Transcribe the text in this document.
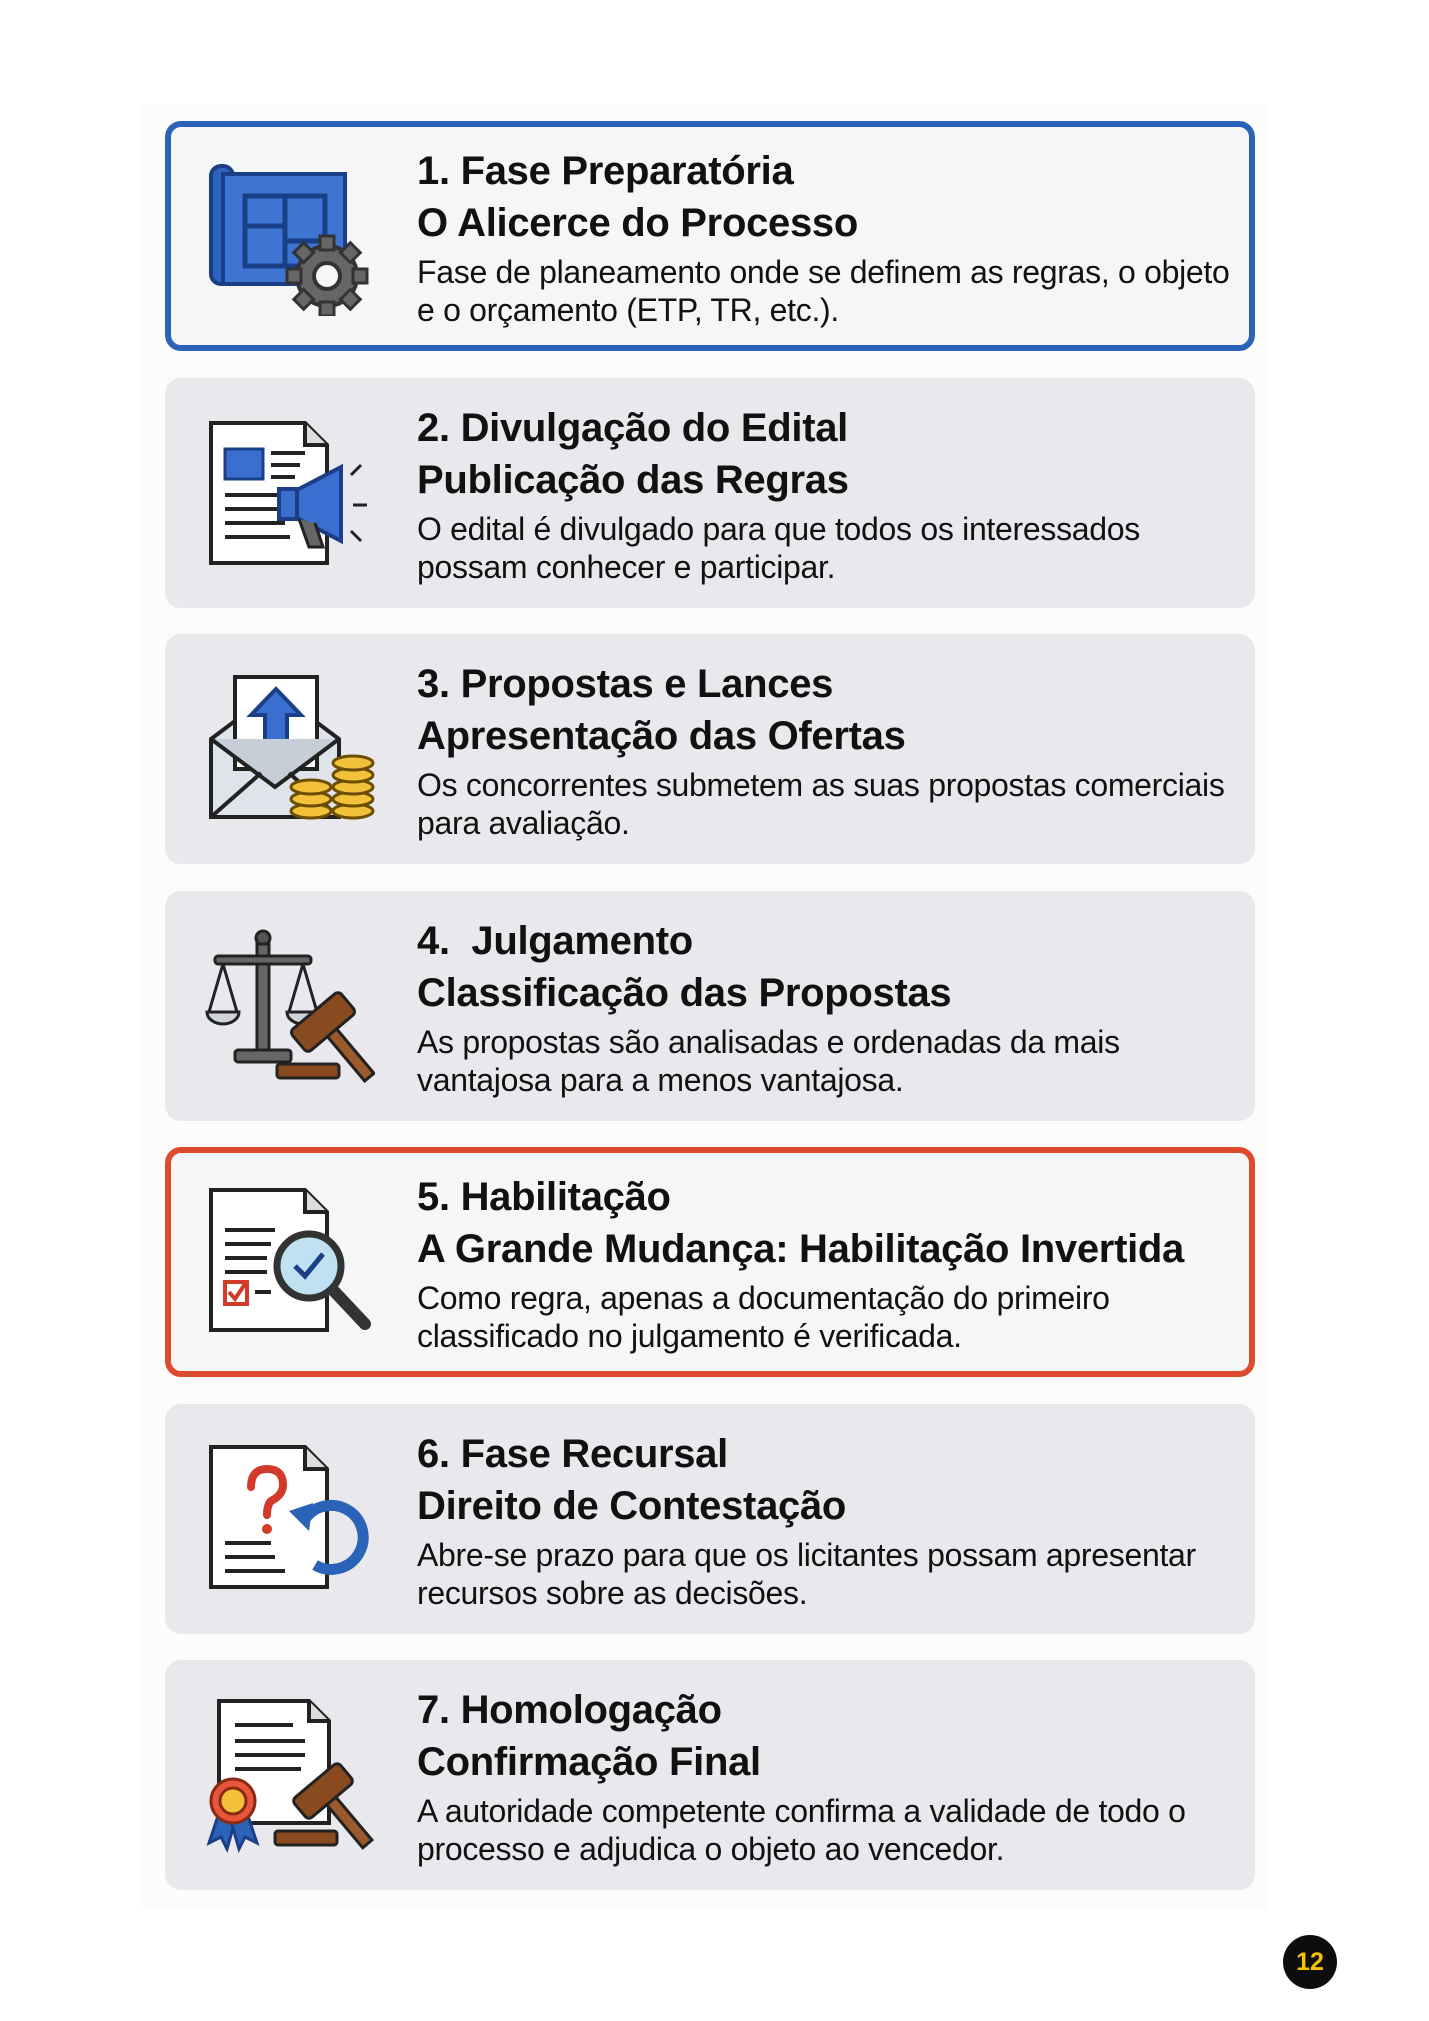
1. Fase Preparatória
O Alicerce do Processo
Fase de planeamento onde se definem as regras, o objeto e o orçamento (ETP, TR, etc.).
2. Divulgação do Edital
Publicação das Regras
O edital é divulgado para que todos os interessados possam conhecer e participar.
3. Propostas e Lances
Apresentação das Ofertas
Os concorrentes submetem as suas propostas comerciais para avaliação.
4.  Julgamento
Classificação das Propostas
As propostas são analisadas e ordenadas da mais vantajosa para a menos vantajosa.
5. Habilitação
A Grande Mudança: Habilitação Invertida
Como regra, apenas a documentação do primeiro classificado no julgamento é verificada.
6. Fase Recursal
Direito de Contestação
Abre-se prazo para que os licitantes possam apresentar recursos sobre as decisões.
7. Homologação
Confirmação Final
A autoridade competente confirma a validade de todo o processo e adjudica o objeto ao vencedor.
12
